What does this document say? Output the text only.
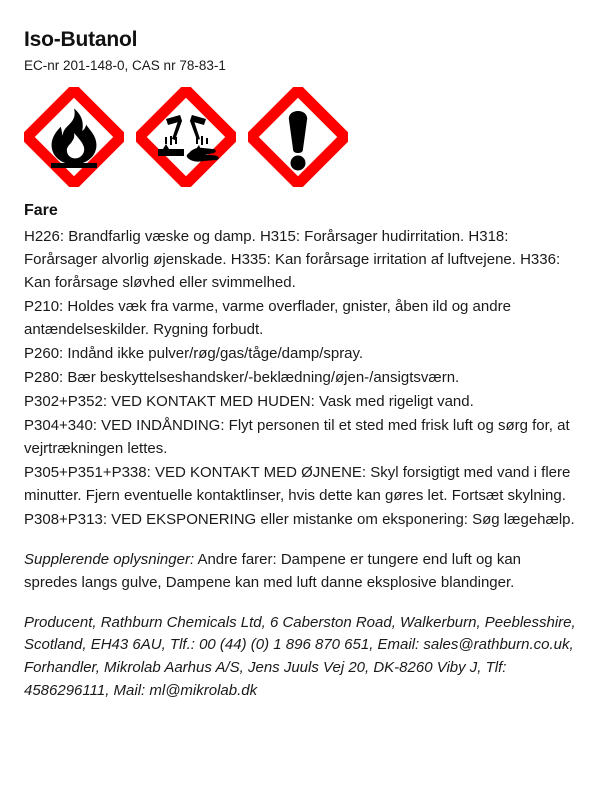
Iso-Butanol
EC-nr 201-148-0, CAS nr 78-83-1
Fare

H226: Brandfarlig væske og damp. H315: Forårsager hudirritation. H318: Forårsager alvorlig øjenskade. H335: Kan forårsage irritation af luftvejene. H336: Kan forårsage sløvhed eller svimmelhed.

P210: Holdes væk fra varme, varme overflader, gnister, åben ild og andre antændelseskilder. Rygning forbudt.

P260: Indånd ikke pulver/røg/gas/tåge/damp/spray.

P280: Bær beskyttelseshandsker/-beklædning/øjen-/ansigtsværn.

P302+P352: VED KONTAKT MED HUDEN: Vask med rigeligt vand.

P304+340: VED INDÅNDING: Flyt personen til et sted med frisk luft og sørg for, at vejrtrækningen lettes.

P305+P351+P338: VED KONTAKT MED ØJNENE: Skyl forsigtigt med vand i flere minutter. Fjern eventuelle kontaktlinser, hvis dette kan gøres let. Fortsæt skylning.

P308+P313: VED EKSPONERING eller mistanke om eksponering: Søg lægehælp.

Supplerende oplysninger: Andre farer: Dampene er tungere end luft og kan spredes langs gulve, Dampene kan med luft danne eksplosive blandinger.

Producent, Rathburn Chemicals Ltd, 6 Caberston Road, Walkerburn, Peeblesshire, Scotland, EH43 6AU, Tlf.: 00 (44) (0) 1 896 870 651, Email: sales@rathburn.co.uk, Forhandler, Mikrolab Aarhus A/S, Jens Juuls Vej 20, DK-8260 Viby J, Tlf: 4586296111, Mail: ml@mikrolab.dk
